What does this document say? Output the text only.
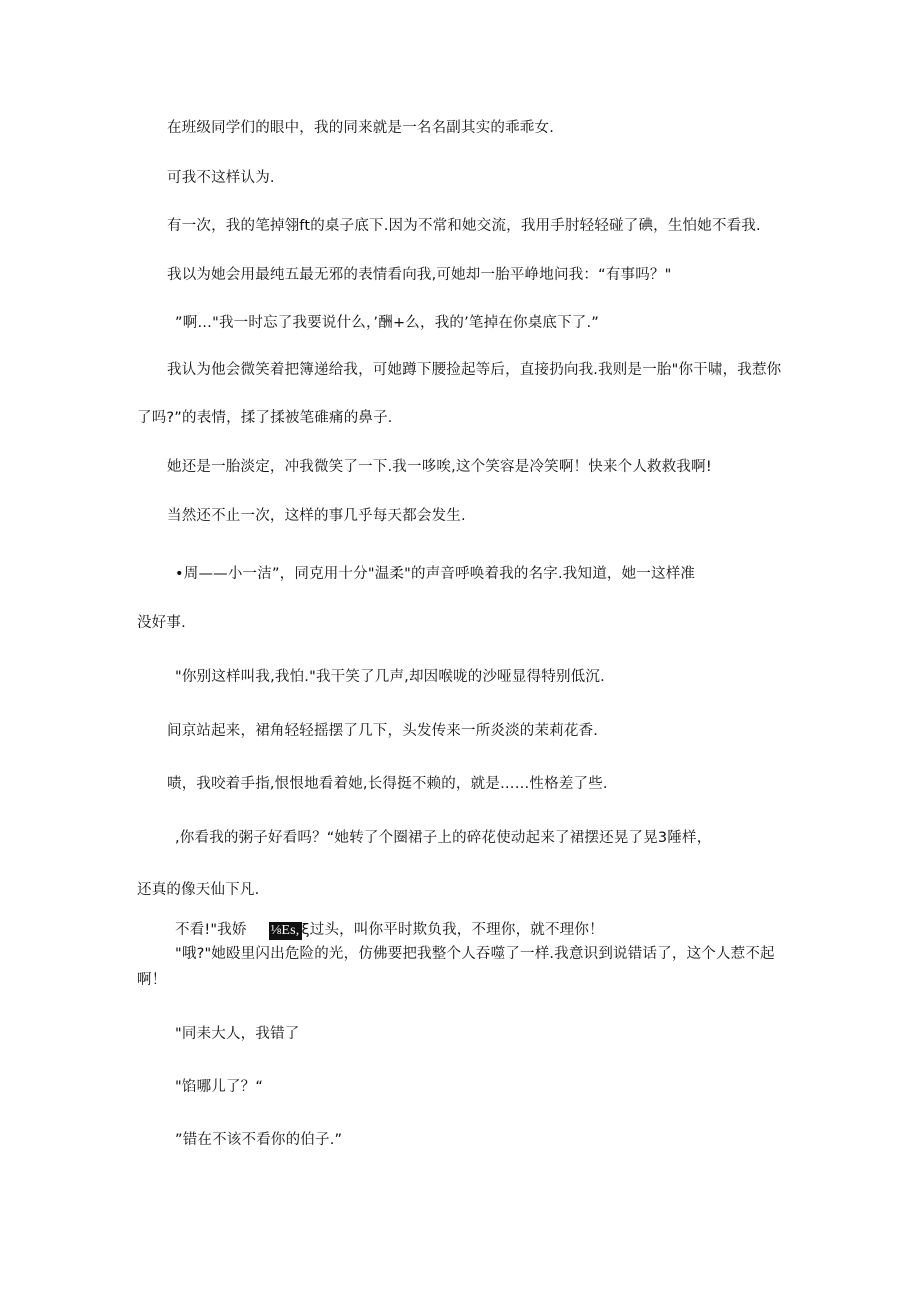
在班级同学们的眼中，我的同来就是一名名副其实的乖乖女.

可我不这样认为.

有一次，我的笔掉翎ft的桌子底下.因为不常和她交流，我用手肘轻轻碰了碘，生怕她不看我.

我以为她会用最纯五最无邪的表情看向我,可她却一胎平峥地问我：“有事吗？"

”啊…"我一时忘了我要说什么，’酬+么，我的’笔掉在你桌底下了.”

我认为他会微笑着把簿递给我，可她蹲下腰捡起等后，直接扔向我.我则是一胎"你干啸，我惹你

了吗?”的表情，揉了揉被笔碓痛的鼻子.

她还是一胎淡定，冲我微笑了一下.我一哆唉,这个笑容是冷笑啊！快来个人救救我啊!

当然还不止一次，这样的事几乎每天都会发生.

•周——小一洁”，同克用十分"温柔"的声音呼唤着我的名字.我知道，她一这样准

没好事.

"你别这样叫我,我怕."我干笑了几声,却因喉咙的沙哑显得特别低沉.

间京站起来，裙角轻轻摇摆了几下，头发传来一所炎淡的茉莉花香.

啧，我咬着手指,恨恨地看着她,长得挺不赖的，就是……性格差了些.

,你看我的粥子好看吗？“她转了个圈裙子上的碎花使动起来了裙摆还晃了晃3陲样，

还真的像天仙下凡.

不看!"我娇 ⅛Es, ξ过头，叫你平时欺负我，不理你，就不理你！

"哦?"她殴里闪出危险的光，仿佛要把我整个人吞噬了一样.我意识到说错话了，这个人惹不起

啊！

"同耒大人，我错了

"馅哪儿了？“

”错在不该不看你的伯子.”
